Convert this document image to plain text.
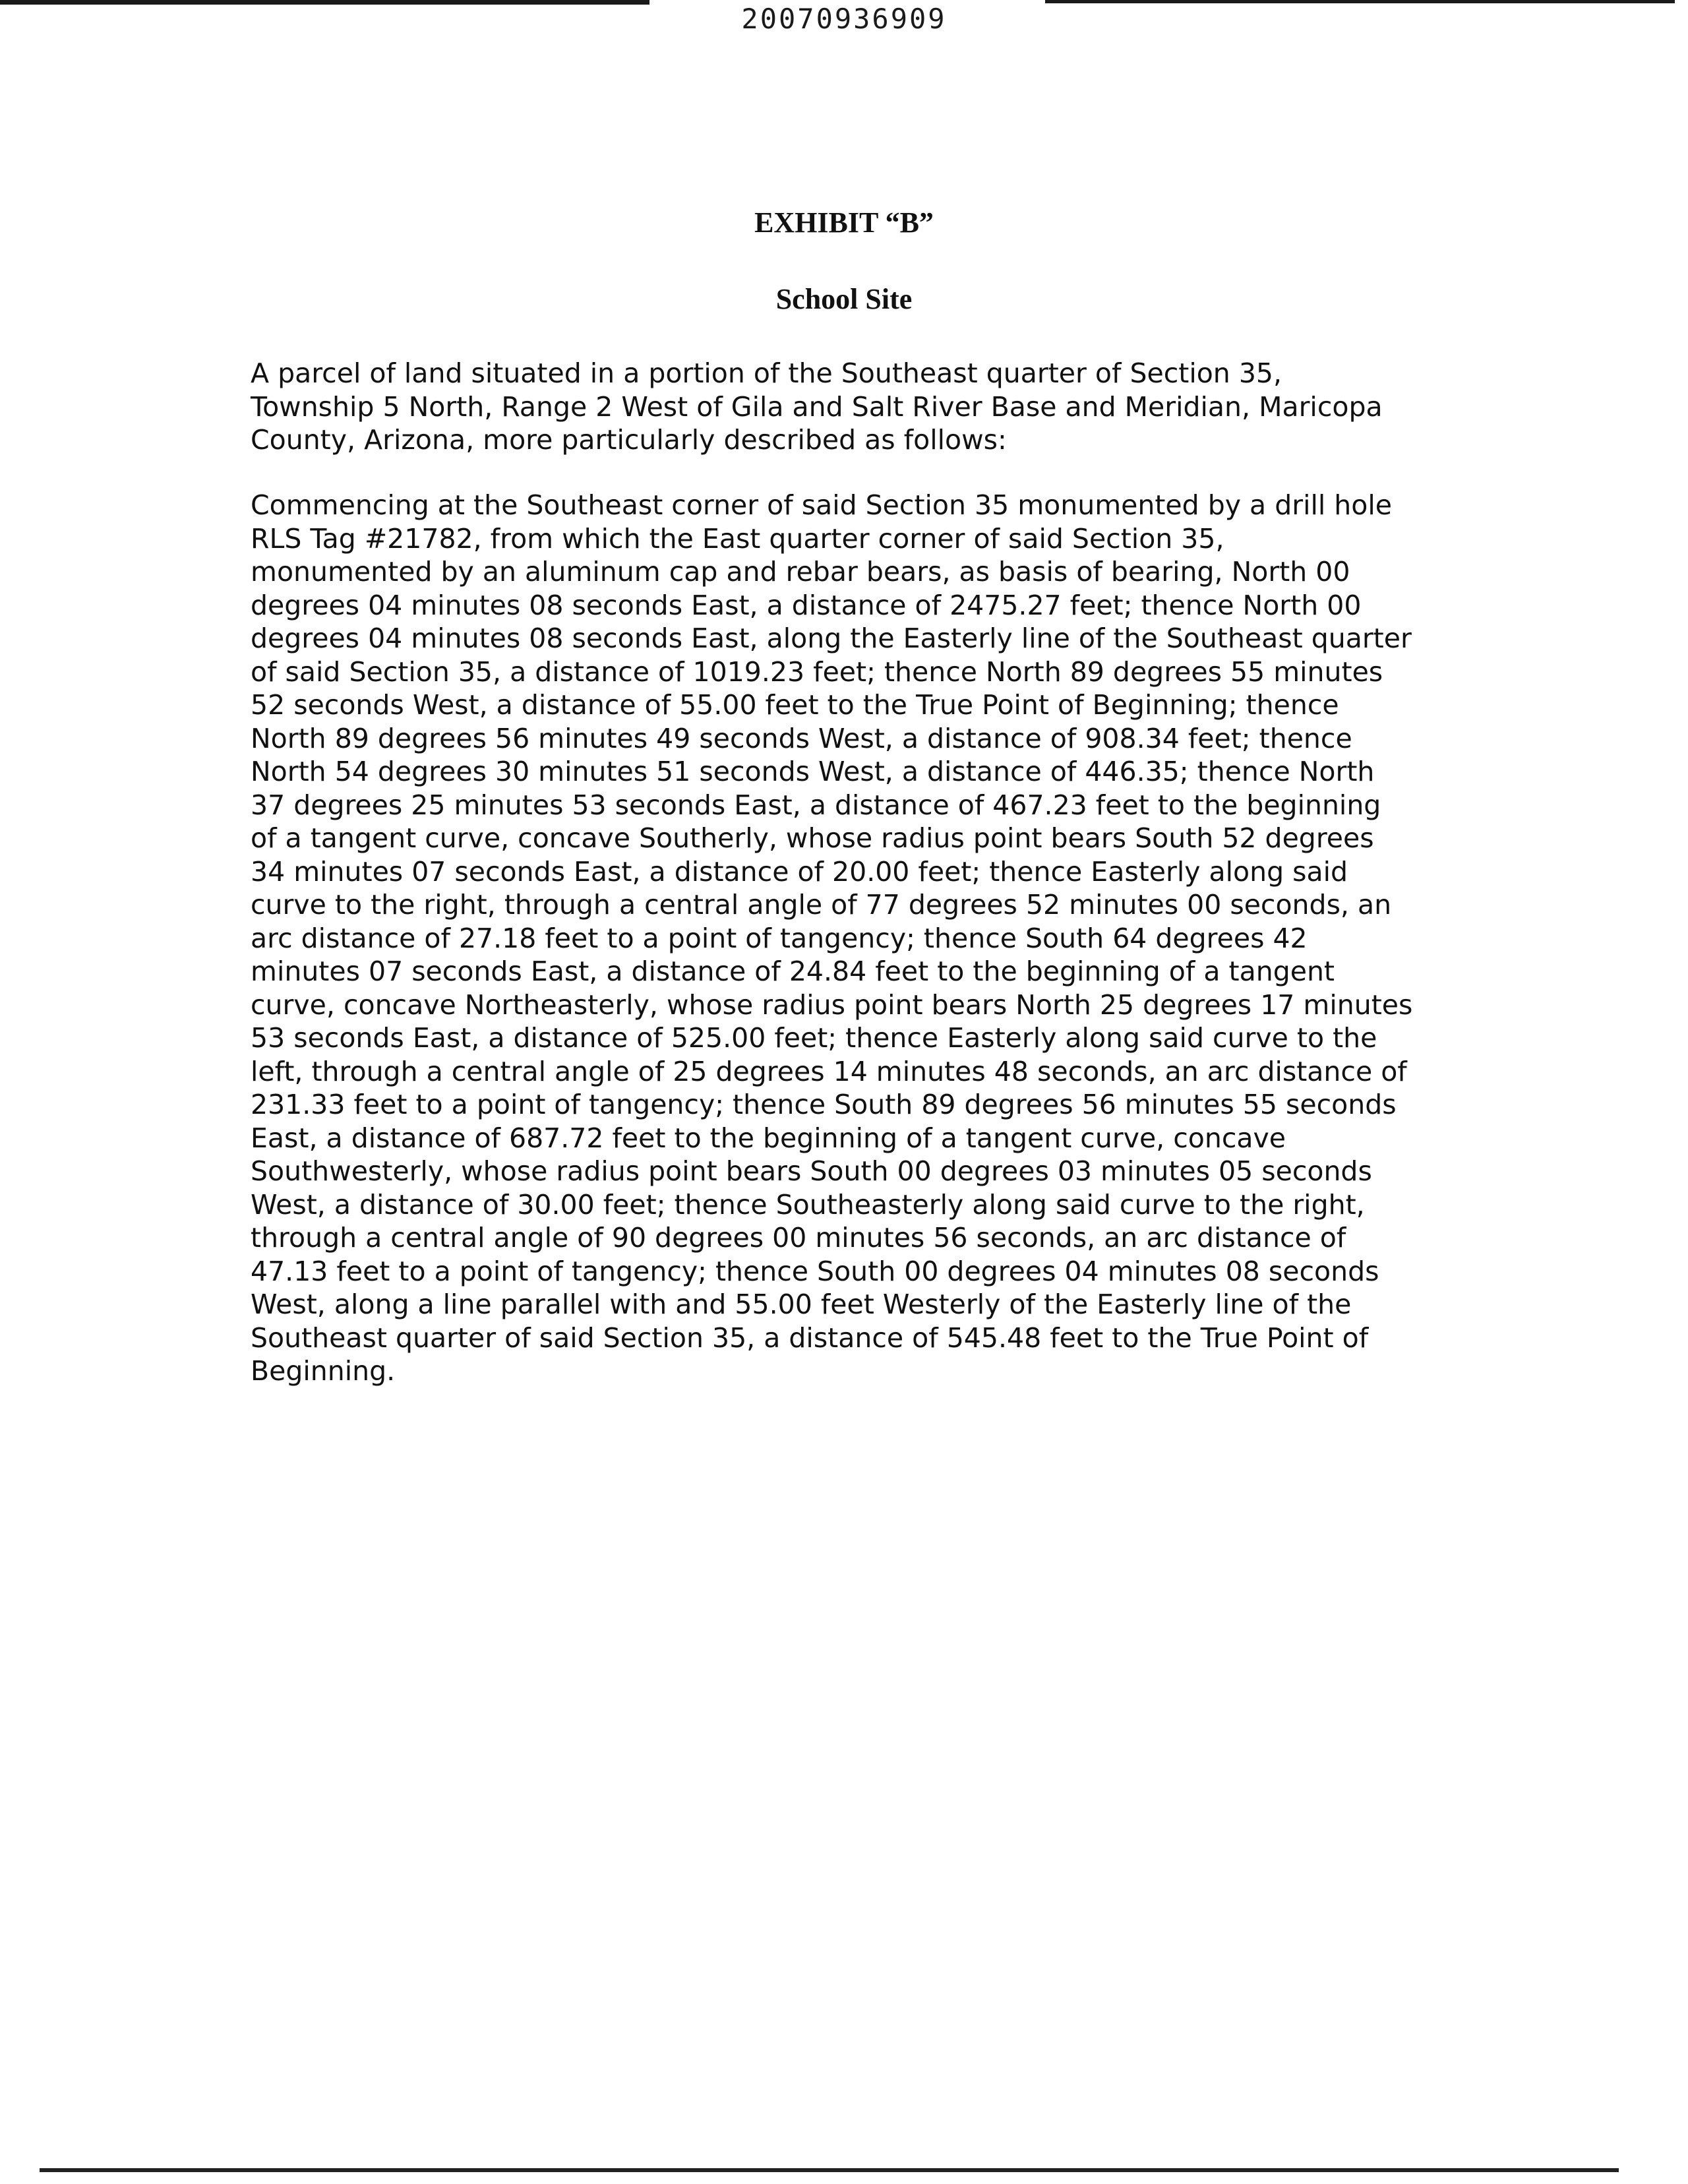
20070936909
EXHIBIT “B”
School Site
A parcel of land situated in a portion of the Southeast quarter of Section 35,
Township 5 North, Range 2 West of Gila and Salt River Base and Meridian, Maricopa
County, Arizona, more particularly described as follows:
Commencing at the Southeast corner of said Section 35 monumented by a drill hole
RLS Tag #21782, from which the East quarter corner of said Section 35,
monumented by an aluminum cap and rebar bears, as basis of bearing, North 00
degrees 04 minutes 08 seconds East, a distance of 2475.27 feet; thence North 00
degrees 04 minutes 08 seconds East, along the Easterly line of the Southeast quarter
of said Section 35, a distance of 1019.23 feet; thence North 89 degrees 55 minutes
52 seconds West, a distance of 55.00 feet to the True Point of Beginning; thence
North 89 degrees 56 minutes 49 seconds West, a distance of 908.34 feet; thence
North 54 degrees 30 minutes 51 seconds West, a distance of 446.35; thence North
37 degrees 25 minutes 53 seconds East, a distance of 467.23 feet to the beginning
of a tangent curve, concave Southerly, whose radius point bears South 52 degrees
34 minutes 07 seconds East, a distance of 20.00 feet; thence Easterly along said
curve to the right, through a central angle of 77 degrees 52 minutes 00 seconds, an
arc distance of 27.18 feet to a point of tangency; thence South 64 degrees 42
minutes 07 seconds East, a distance of 24.84 feet to the beginning of a tangent
curve, concave Northeasterly, whose radius point bears North 25 degrees 17 minutes
53 seconds East, a distance of 525.00 feet; thence Easterly along said curve to the
left, through a central angle of 25 degrees 14 minutes 48 seconds, an arc distance of
231.33 feet to a point of tangency; thence South 89 degrees 56 minutes 55 seconds
East, a distance of 687.72 feet to the beginning of a tangent curve, concave
Southwesterly, whose radius point bears South 00 degrees 03 minutes 05 seconds
West, a distance of 30.00 feet; thence Southeasterly along said curve to the right,
through a central angle of 90 degrees 00 minutes 56 seconds, an arc distance of
47.13 feet to a point of tangency; thence South 00 degrees 04 minutes 08 seconds
West, along a line parallel with and 55.00 feet Westerly of the Easterly line of the
Southeast quarter of said Section 35, a distance of 545.48 feet to the True Point of
Beginning.
